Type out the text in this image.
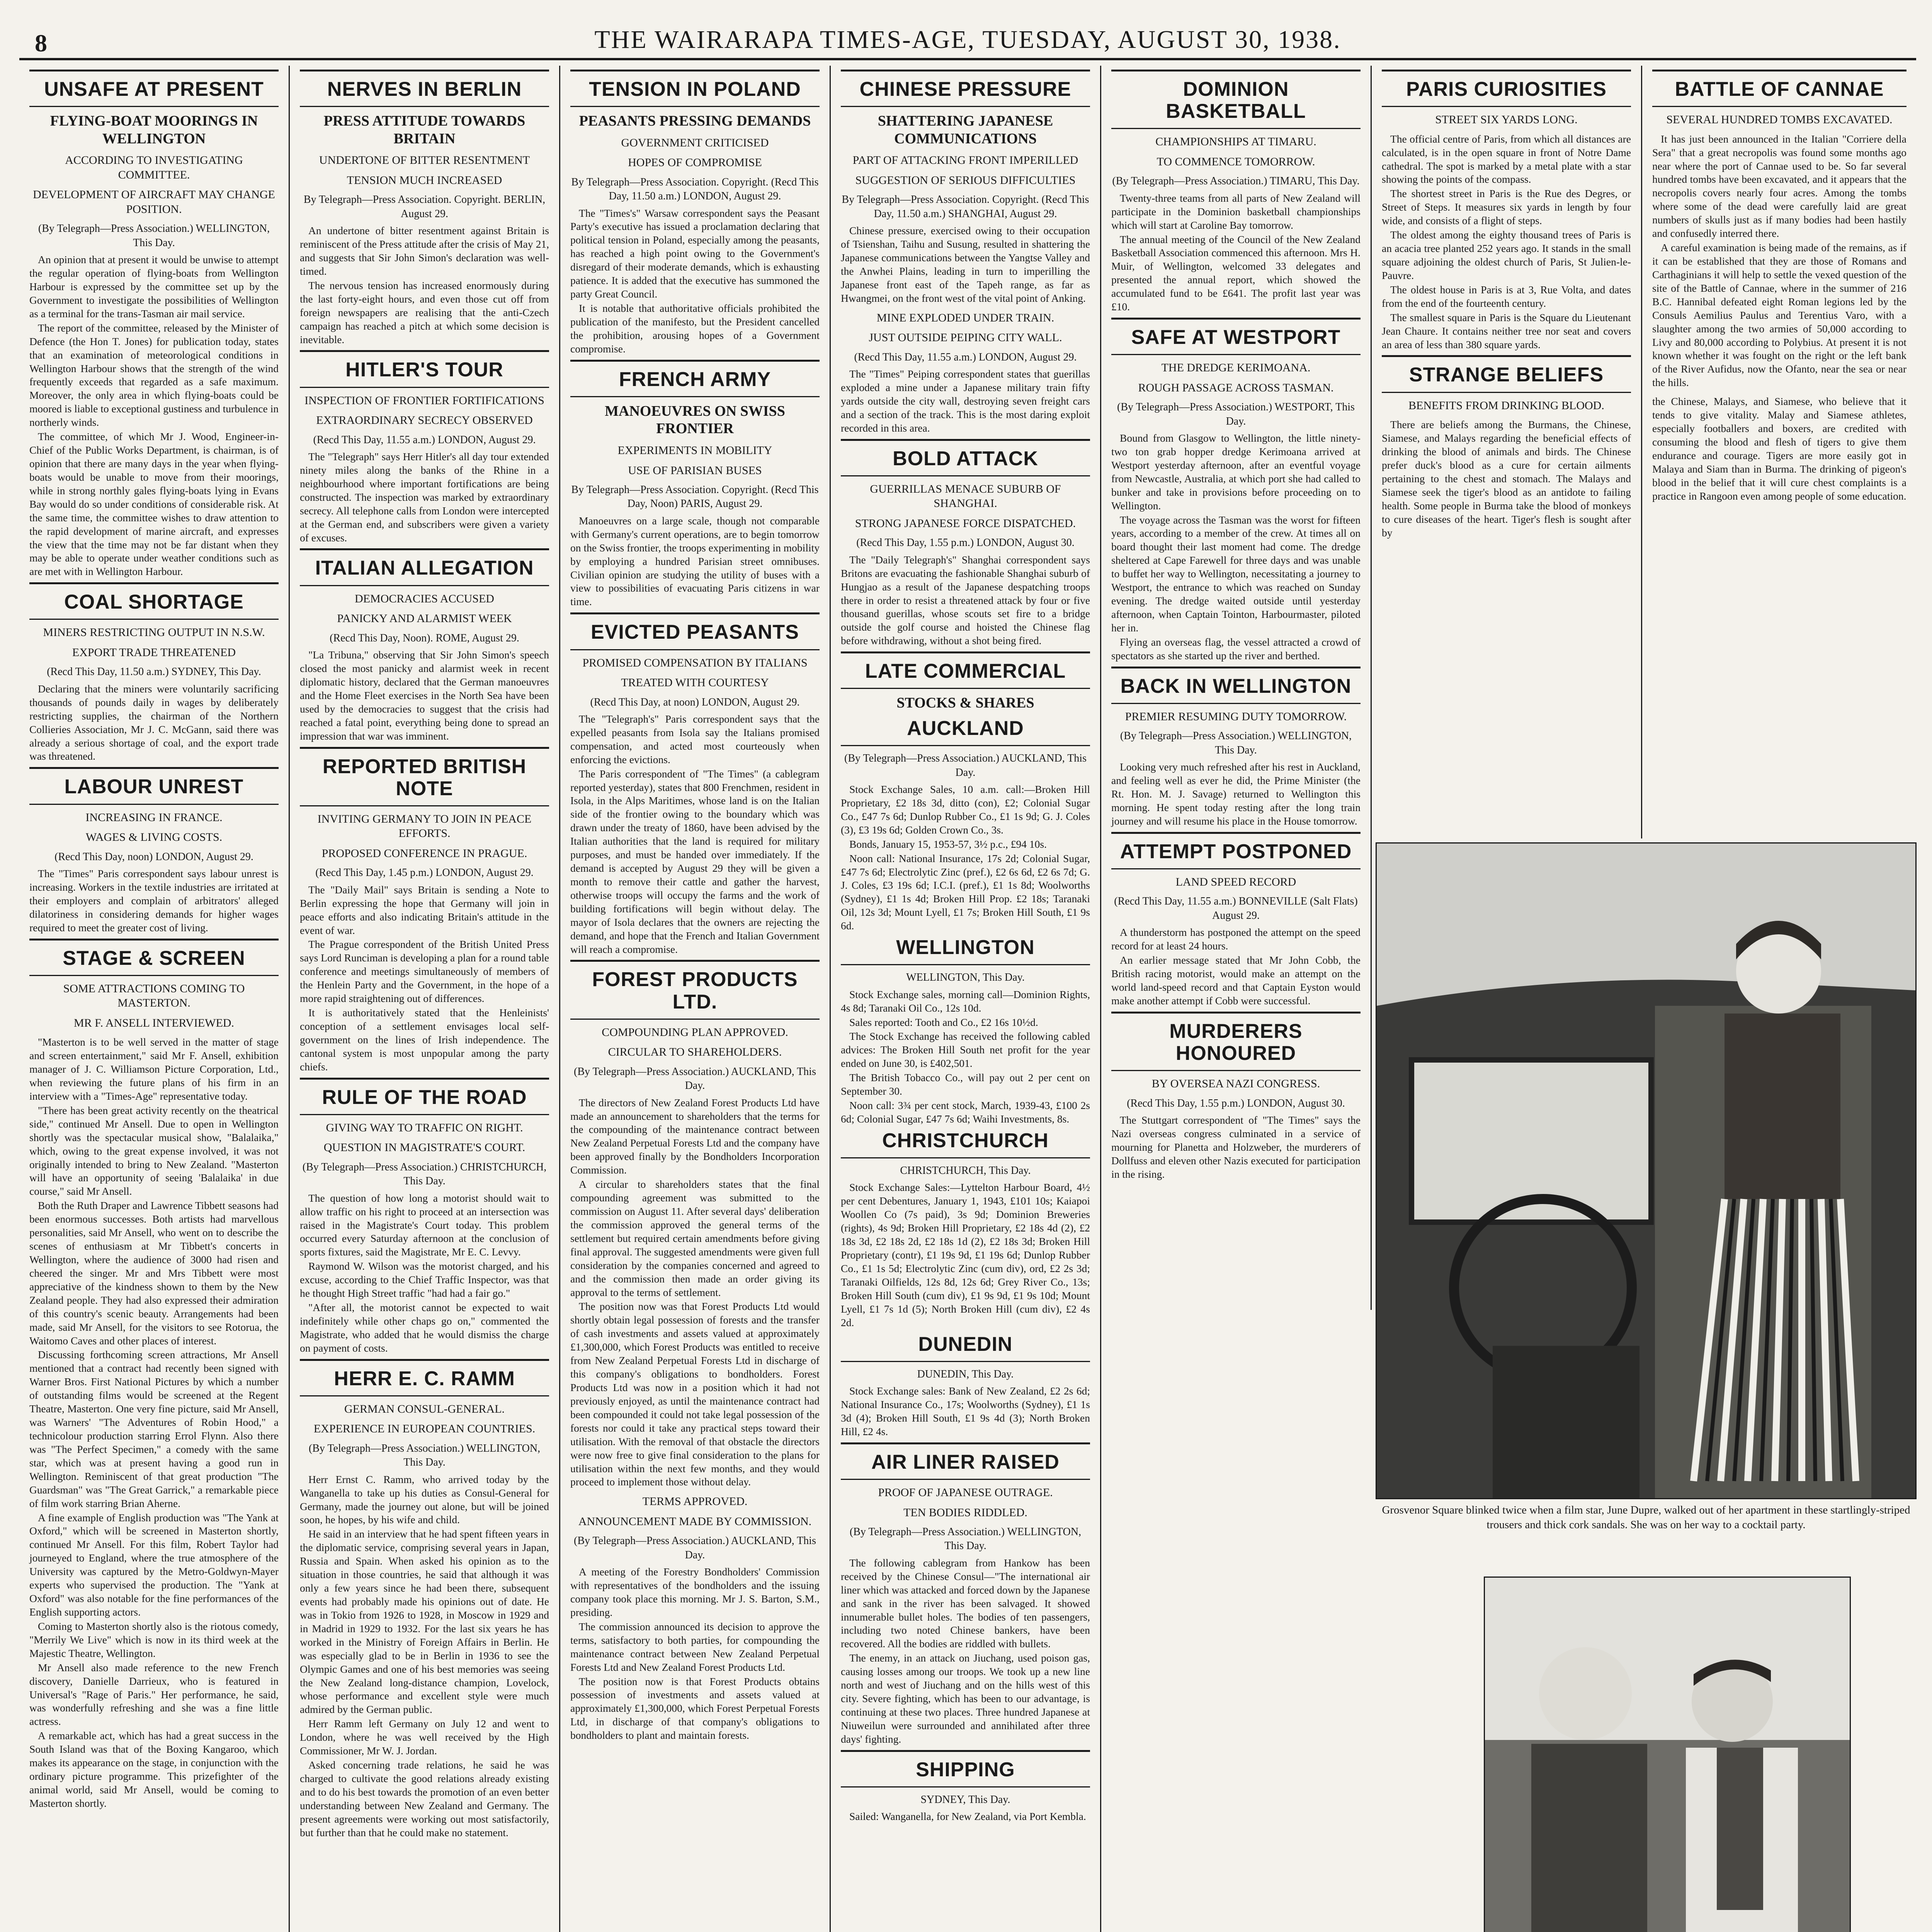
8	THE WAIRARAPA TIMES-AGE, TUESDAY, AUGUST 30, 1938.
UNSAFE AT PRESENT
FLYING-BOAT MOORINGS IN WELLINGTON
ACCORDING TO INVESTIGATING COMMITTEE.
DEVELOPMENT OF AIRCRAFT MAY CHANGE POSITION.
(By Telegraph—Press Association.) WELLINGTON, This Day.

An opinion that at present it would be unwise to attempt the regular operation of flying-boats from Wellington Harbour is expressed by the committee set up by the Government to investigate the possibilities of Wellington as a terminal for the trans-Tasman air mail service.

The report of the committee, released by the Minister of Defence (the Hon T. Jones) for publication today, states that an examination of meteorological conditions in Wellington Harbour shows that the strength of the wind frequently exceeds that regarded as a safe maximum. Moreover, the only area in which flying-boats could be moored is liable to exceptional gustiness and turbulence in northerly winds.

The committee, of which Mr J. Wood, Engineer-in-Chief of the Public Works Department, is chairman, is of opinion that there are many days in the year when flying-boats would be unable to move from their moorings, while in strong northly gales flying-boats lying in Evans Bay would do so under conditions of considerable risk. At the same time, the committee wishes to draw attention to the rapid development of marine aircraft, and expresses the view that the time may not be far distant when they may be able to operate under weather conditions such as are met with in Wellington Harbour.

COAL SHORTAGE
MINERS RESTRICTING OUTPUT IN N.S.W.
EXPORT TRADE THREATENED
(Recd This Day, 11.50 a.m.) SYDNEY, This Day.

Declaring that the miners were voluntarily sacrificing thousands of pounds daily in wages by deliberately restricting supplies, the chairman of the Northern Collieries Association, Mr J. C. McGann, said there was already a serious shortage of coal, and the export trade was threatened.

LABOUR UNREST
INCREASING IN FRANCE.
WAGES & LIVING COSTS.
(Recd This Day, noon) LONDON, August 29.

The "Times" Paris correspondent says labour unrest is increasing. Workers in the textile industries are irritated at their employers and complain of arbitrators' alleged dilatoriness in considering demands for higher wages required to meet the greater cost of living.

STAGE & SCREEN
SOME ATTRACTIONS COMING TO MASTERTON.
MR F. ANSELL INTERVIEWED.

"Masterton is to be well served in the matter of stage and screen entertainment," said Mr F. Ansell, exhibition manager of J. C. Williamson Picture Corporation, Ltd., when reviewing the future plans of his firm in an interview with a "Times-Age" representative today.

"There has been great activity recently on the theatrical side," continued Mr Ansell. Due to open in Wellington shortly was the spectacular musical show, "Balalaika," which, owing to the great expense involved, it was not originally intended to bring to New Zealand. "Masterton will have an opportunity of seeing 'Balalaika' in due course," said Mr Ansell.

Both the Ruth Draper and Lawrence Tibbett seasons had been enormous successes. Both artists had marvellous personalities, said Mr Ansell, who went on to describe the scenes of enthusiasm at Mr Tibbett's concerts in Wellington, where the audience of 3000 had risen and cheered the singer. Mr and Mrs Tibbett were most appreciative of the kindness shown to them by the New Zealand people. They had also expressed their admiration of this country's scenic beauty. Arrangements had been made, said Mr Ansell, for the visitors to see Rotorua, the Waitomo Caves and other places of interest.

Discussing forthcoming screen attractions, Mr Ansell mentioned that a contract had recently been signed with Warner Bros. First National Pictures by which a number of outstanding films would be screened at the Regent Theatre, Masterton. One very fine picture, said Mr Ansell, was Warners' "The Adventures of Robin Hood," a technicolour production starring Errol Flynn. Also there was "The Perfect Specimen," a comedy with the same star, which was at present having a good run in Wellington. Reminiscent of that great production "The Guardsman" was "The Great Garrick," a remarkable piece of film work starring Brian Aherne.

A fine example of English production was "The Yank at Oxford," which will be screened in Masterton shortly, continued Mr Ansell. For this film, Robert Taylor had journeyed to England, where the true atmosphere of the University was captured by the Metro-Goldwyn-Mayer experts who supervised the production. The "Yank at Oxford" was also notable for the fine performances of the English supporting actors.

Coming to Masterton shortly also is the riotous comedy, "Merrily We Live" which is now in its third week at the Majestic Theatre, Wellington.

Mr Ansell also made reference to the new French discovery, Danielle Darrieux, who is featured in Universal's "Rage of Paris." Her performance, he said, was wonderfully refreshing and she was a fine little actress.

A remarkable act, which has had a great success in the South Island was that of the Boxing Kangaroo, which makes its appearance on the stage, in conjunction with the ordinary picture programme. This prizefighter of the animal world, said Mr Ansell, would be coming to Masterton shortly.

NERVES IN BERLIN
PRESS ATTITUDE TOWARDS BRITAIN
UNDERTONE OF BITTER RESENTMENT
TENSION MUCH INCREASED
By Telegraph—Press Association. Copyright. BERLIN, August 29.

An undertone of bitter resentment against Britain is reminiscent of the Press attitude after the crisis of May 21, and suggests that Sir John Simon's declaration was well-timed.

The nervous tension has increased enormously during the last forty-eight hours, and even those cut off from foreign newspapers are realising that the anti-Czech campaign has reached a pitch at which some decision is inevitable.

HITLER'S TOUR
INSPECTION OF FRONTIER FORTIFICATIONS
EXTRAORDINARY SECRECY OBSERVED
(Recd This Day, 11.55 a.m.) LONDON, August 29.

The "Telegraph" says Herr Hitler's all day tour extended ninety miles along the banks of the Rhine in a neighbourhood where important fortifications are being constructed. The inspection was marked by extraordinary secrecy. All telephone calls from London were intercepted at the German end, and subscribers were given a variety of excuses.

ITALIAN ALLEGATION
DEMOCRACIES ACCUSED
PANICKY AND ALARMIST WEEK
(Recd This Day, Noon). ROME, August 29.

"La Tribuna," observing that Sir John Simon's speech closed the most panicky and alarmist week in recent diplomatic history, declared that the German manoeuvres and the Home Fleet exercises in the North Sea have been used by the democracies to suggest that the crisis had reached a fatal point, everything being done to spread an impression that war was imminent.

REPORTED BRITISH NOTE
INVITING GERMANY TO JOIN IN PEACE EFFORTS.
PROPOSED CONFERENCE IN PRAGUE.
(Recd This Day, 1.45 p.m.) LONDON, August 29.

The "Daily Mail" says Britain is sending a Note to Berlin expressing the hope that Germany will join in peace efforts and also indicating Britain's attitude in the event of war.

The Prague correspondent of the British United Press says Lord Runciman is developing a plan for a round table conference and meetings simultaneously of members of the Henlein Party and the Government, in the hope of a more rapid straightening out of differences.

It is authoritatively stated that the Henleinists' conception of a settlement envisages local self-government on the lines of Irish independence. The cantonal system is most unpopular among the party chiefs.

RULE OF THE ROAD
GIVING WAY TO TRAFFIC ON RIGHT.
QUESTION IN MAGISTRATE'S COURT.
(By Telegraph—Press Association.) CHRISTCHURCH, This Day.

The question of how long a motorist should wait to allow traffic on his right to proceed at an intersection was raised in the Magistrate's Court today. This problem occurred every Saturday afternoon at the conclusion of sports fixtures, said the Magistrate, Mr E. C. Levvy.

Raymond W. Wilson was the motorist charged, and his excuse, according to the Chief Traffic Inspector, was that he thought High Street traffic "had had a fair go."

"After all, the motorist cannot be expected to wait indefinitely while other chaps go on," commented the Magistrate, who added that he would dismiss the charge on payment of costs.

HERR E. C. RAMM
GERMAN CONSUL-GENERAL.
EXPERIENCE IN EUROPEAN COUNTRIES.
(By Telegraph—Press Association.) WELLINGTON, This Day.

Herr Ernst C. Ramm, who arrived today by the Wanganella to take up his duties as Consul-General for Germany, made the journey out alone, but will be joined soon, he hopes, by his wife and child.

He said in an interview that he had spent fifteen years in the diplomatic service, comprising several years in Japan, Russia and Spain. When asked his opinion as to the situation in those countries, he said that although it was only a few years since he had been there, subsequent events had probably made his opinions out of date. He was in Tokio from 1926 to 1928, in Moscow in 1929 and in Madrid in 1929 to 1932. For the last six years he has worked in the Ministry of Foreign Affairs in Berlin. He was especially glad to be in Berlin in 1936 to see the Olympic Games and one of his best memories was seeing the New Zealand long-distance champion, Lovelock, whose performance and excellent style were much admired by the German public.

Herr Ramm left Germany on July 12 and went to London, where he was well received by the High Commissioner, Mr W. J. Jordan.

Asked concerning trade relations, he said he was charged to cultivate the good relations already existing and to do his best towards the promotion of an even better understanding between New Zealand and Germany. The present agreements were working out most satisfactorily, but further than that he could make no statement.

TENSION IN POLAND
PEASANTS PRESSING DEMANDS
GOVERNMENT CRITICISED
HOPES OF COMPROMISE
By Telegraph—Press Association. Copyright. (Recd This Day, 11.50 a.m.) LONDON, August 29.

The "Times's" Warsaw correspondent says the Peasant Party's executive has issued a proclamation declaring that political tension in Poland, especially among the peasants, has reached a high point owing to the Government's disregard of their moderate demands, which is exhausting patience. It is added that the executive has summoned the party Great Council.

It is notable that authoritative officials prohibited the publication of the manifesto, but the President cancelled the prohibition, arousing hopes of a Government compromise.

FRENCH ARMY
MANOEUVRES ON SWISS FRONTIER
EXPERIMENTS IN MOBILITY
USE OF PARISIAN BUSES
By Telegraph—Press Association. Copyright. (Recd This Day, Noon) PARIS, August 29.

Manoeuvres on a large scale, though not comparable with Germany's current operations, are to begin tomorrow on the Swiss frontier, the troops experimenting in mobility by employing a hundred Parisian street omnibuses. Civilian opinion are studying the utility of buses with a view to possibilities of evacuating Paris citizens in war time.

EVICTED PEASANTS
PROMISED COMPENSATION BY ITALIANS
TREATED WITH COURTESY
(Recd This Day, at noon) LONDON, August 29.

The "Telegraph's" Paris correspondent says that the expelled peasants from Isola say the Italians promised compensation, and acted most courteously when enforcing the evictions.

The Paris correspondent of "The Times" (a cablegram reported yesterday), states that 800 Frenchmen, resident in Isola, in the Alps Maritimes, whose land is on the Italian side of the frontier owing to the boundary which was drawn under the treaty of 1860, have been advised by the Italian authorities that the land is required for military purposes, and must be handed over immediately. If the demand is accepted by August 29 they will be given a month to remove their cattle and gather the harvest, otherwise troops will occupy the farms and the work of building fortifications will begin without delay. The mayor of Isola declares that the owners are rejecting the demand, and hope that the French and Italian Government will reach a compromise.

FOREST PRODUCTS LTD.
COMPOUNDING PLAN APPROVED.
CIRCULAR TO SHAREHOLDERS.
(By Telegraph—Press Association.) AUCKLAND, This Day.

The directors of New Zealand Forest Products Ltd have made an announcement to shareholders that the terms for the compounding of the maintenance contract between New Zealand Perpetual Forests Ltd and the company have been approved finally by the Bondholders Incorporation Commission.

A circular to shareholders states that the final compounding agreement was submitted to the commission on August 11. After several days' deliberation the commission approved the general terms of the settlement but required certain amendments before giving final approval. The suggested amendments were given full consideration by the companies concerned and agreed to and the commission then made an order giving its approval to the terms of settlement.

The position now was that Forest Products Ltd would shortly obtain legal possession of forests and the transfer of cash investments and assets valued at approximately £1,300,000, which Forest Products was entitled to receive from New Zealand Perpetual Forests Ltd in discharge of this company's obligations to bondholders. Forest Products Ltd was now in a position which it had not previously enjoyed, as until the maintenance contract had been compounded it could not take legal possession of the forests nor could it take any practical steps toward their utilisation. With the removal of that obstacle the directors were now free to give final consideration to the plans for utilisation within the next few months, and they would proceed to implement those without delay.

TERMS APPROVED.
ANNOUNCEMENT MADE BY COMMISSION.
(By Telegraph—Press Association.) AUCKLAND, This Day.

A meeting of the Forestry Bondholders' Commission with representatives of the bondholders and the issuing company took place this morning. Mr J. S. Barton, S.M., presiding.

The commission announced its decision to approve the terms, satisfactory to both parties, for compounding the maintenance contract between New Zealand Perpetual Forests Ltd and New Zealand Forest Products Ltd.

The position now is that Forest Products obtains possession of investments and assets valued at approximately £1,300,000, which Forest Perpetual Forests Ltd, in discharge of that company's obligations to bondholders to plant and maintain forests.

CHINESE PRESSURE
SHATTERING JAPANESE COMMUNICATIONS
PART OF ATTACKING FRONT IMPERILLED
SUGGESTION OF SERIOUS DIFFICULTIES
By Telegraph—Press Association. Copyright. (Recd This Day, 11.50 a.m.) SHANGHAI, August 29.

Chinese pressure, exercised owing to their occupation of Tsienshan, Taihu and Susung, resulted in shattering the Japanese communications between the Yangtse Valley and the Anwhei Plains, leading in turn to imperilling the Japanese front east of the Tapeh range, as far as Hwangmei, on the front west of the vital point of Anking.

MINE EXPLODED UNDER TRAIN.
JUST OUTSIDE PEIPING CITY WALL.
(Recd This Day, 11.55 a.m.) LONDON, August 29.

The "Times" Peiping correspondent states that guerillas exploded a mine under a Japanese military train fifty yards outside the city wall, destroying seven freight cars and a section of the track. This is the most daring exploit recorded in this area.

BOLD ATTACK
GUERRILLAS MENACE SUBURB OF SHANGHAI.
STRONG JAPANESE FORCE DISPATCHED.
(Recd This Day, 1.55 p.m.) LONDON, August 30.

The "Daily Telegraph's" Shanghai correspondent says Britons are evacuating the fashionable Shanghai suburb of Hungjao as a result of the Japanese despatching troops there in order to resist a threatened attack by four or five thousand guerillas, whose scouts set fire to a bridge outside the golf course and hoisted the Chinese flag before withdrawing, without a shot being fired.

LATE COMMERCIAL
STOCKS & SHARES
AUCKLAND
(By Telegraph—Press Association.) AUCKLAND, This Day.

Stock Exchange Sales, 10 a.m. call:—Broken Hill Proprietary, £2 18s 3d, ditto (con), £2; Colonial Sugar Co., £47 7s 6d; Dunlop Rubber Co., £1 1s 9d; G. J. Coles (3), £3 19s 6d; Golden Crown Co., 3s.

Bonds, January 15, 1953-57, 3½ p.c., £94 10s.

Noon call: National Insurance, 17s 2d; Colonial Sugar, £47 7s 6d; Electrolytic Zinc (pref.), £2 6s 6d, £2 6s 7d; G. J. Coles, £3 19s 6d; I.C.I. (pref.), £1 1s 8d; Woolworths (Sydney), £1 1s 4d; Broken Hill Prop. £2 18s; Taranaki Oil, 12s 3d; Mount Lyell, £1 7s; Broken Hill South, £1 9s 6d.

WELLINGTON
WELLINGTON, This Day.

Stock Exchange sales, morning call—Dominion Rights, 4s 8d; Taranaki Oil Co., 12s 10d.

Sales reported: Tooth and Co., £2 16s 10½d.

The Stock Exchange has received the following cabled advices: The Broken Hill South net profit for the year ended on June 30, is £402,501.

The British Tobacco Co., will pay out 2 per cent on September 30.

Noon call: 3¾ per cent stock, March, 1939-43, £100 2s 6d; Colonial Sugar, £47 7s 6d; Waihi Investments, 8s.

CHRISTCHURCH
CHRISTCHURCH, This Day.

Stock Exchange Sales:—Lyttelton Harbour Board, 4½ per cent Debentures, January 1, 1943, £101 10s; Kaiapoi Woollen Co (7s paid), 3s 9d; Dominion Breweries (rights), 4s 9d; Broken Hill Proprietary, £2 18s 4d (2), £2 18s 3d, £2 18s 2d, £2 18s 1d (2), £2 18s 3d; Broken Hill Proprietary (contr), £1 19s 9d, £1 19s 6d; Dunlop Rubber Co., £1 1s 5d; Electrolytic Zinc (cum div), ord, £2 2s 3d; Taranaki Oilfields, 12s 8d, 12s 6d; Grey River Co., 13s; Broken Hill South (cum div), £1 9s 9d, £1 9s 10d; Mount Lyell, £1 7s 1d (5); North Broken Hill (cum div), £2 4s 2d.

DUNEDIN
DUNEDIN, This Day.

Stock Exchange sales: Bank of New Zealand, £2 2s 6d; National Insurance Co., 17s; Woolworths (Sydney), £1 1s 3d (4); Broken Hill South, £1 9s 4d (3); North Broken Hill, £2 4s.

AIR LINER RAISED
PROOF OF JAPANESE OUTRAGE.
TEN BODIES RIDDLED.
(By Telegraph—Press Association.) WELLINGTON, This Day.

The following cablegram from Hankow has been received by the Chinese Consul—"The international air liner which was attacked and forced down by the Japanese and sank in the river has been salvaged. It showed innumerable bullet holes. The bodies of ten passengers, including two noted Chinese bankers, have been recovered. All the bodies are riddled with bullets.

The enemy, in an attack on Jiuchang, used poison gas, causing losses among our troops. We took up a new line north and west of Jiuchang and on the hills west of this city. Severe fighting, which has been to our advantage, is continuing at these two places. Three hundred Japanese at Niuweilun were surrounded and annihilated after three days' fighting.

SHIPPING
SYDNEY, This Day.

Sailed: Wanganella, for New Zealand, via Port Kembla.

DOMINION BASKETBALL
CHAMPIONSHIPS AT TIMARU.
TO COMMENCE TOMORROW.
(By Telegraph—Press Association.) TIMARU, This Day.

Twenty-three teams from all parts of New Zealand will participate in the Dominion basketball championships which will start at Caroline Bay tomorrow.

The annual meeting of the Council of the New Zealand Basketball Association commenced this afternoon. Mrs H. Muir, of Wellington, welcomed 33 delegates and presented the annual report, which showed the accumulated fund to be £641. The profit last year was £10.

SAFE AT WESTPORT
THE DREDGE KERIMOANA.
ROUGH PASSAGE ACROSS TASMAN.
(By Telegraph—Press Association.) WESTPORT, This Day.

Bound from Glasgow to Wellington, the little ninety-two ton grab hopper dredge Kerimoana arrived at Westport yesterday afternoon, after an eventful voyage from Newcastle, Australia, at which port she had called to bunker and take in provisions before proceeding on to Wellington.

The voyage across the Tasman was the worst for fifteen years, according to a member of the crew. At times all on board thought their last moment had come. The dredge sheltered at Cape Farewell for three days and was unable to buffet her way to Wellington, necessitating a journey to Westport, the entrance to which was reached on Sunday evening. The dredge waited outside until yesterday afternoon, when Captain Tointon, Harbourmaster, piloted her in.

Flying an overseas flag, the vessel attracted a crowd of spectators as she started up the river and berthed.

BACK IN WELLINGTON
PREMIER RESUMING DUTY TOMORROW.
(By Telegraph—Press Association.) WELLINGTON, This Day.

Looking very much refreshed after his rest in Auckland, and feeling well as ever he did, the Prime Minister (the Rt. Hon. M. J. Savage) returned to Wellington this morning. He spent today resting after the long train journey and will resume his place in the House tomorrow.

ATTEMPT POSTPONED
LAND SPEED RECORD
(Recd This Day, 11.55 a.m.) BONNEVILLE (Salt Flats) August 29.

A thunderstorm has postponed the attempt on the speed record for at least 24 hours.

An earlier message stated that Mr John Cobb, the British racing motorist, would make an attempt on the world land-speed record and that Captain Eyston would make another attempt if Cobb were successful.

MURDERERS HONOURED
BY OVERSEA NAZI CONGRESS.
(Recd This Day, 1.55 p.m.) LONDON, August 30.

The Stuttgart correspondent of "The Times" says the Nazi overseas congress culminated in a service of mourning for Planetta and Holzweber, the murderers of Dollfuss and eleven other Nazis executed for participation in the rising.

PARIS CURIOSITIES
STREET SIX YARDS LONG.

The official centre of Paris, from which all distances are calculated, is in the open square in front of Notre Dame cathedral. The spot is marked by a metal plate with a star showing the points of the compass.

The shortest street in Paris is the Rue des Degres, or Street of Steps. It measures six yards in length by four wide, and consists of a flight of steps.

The oldest among the eighty thousand trees of Paris is an acacia tree planted 252 years ago. It stands in the small square adjoining the oldest church of Paris, St Julien-le-Pauvre.

The oldest house in Paris is at 3, Rue Volta, and dates from the end of the fourteenth century.

The smallest square in Paris is the Square du Lieutenant Jean Chaure. It contains neither tree nor seat and covers an area of less than 380 square yards.

STRANGE BELIEFS
BENEFITS FROM DRINKING BLOOD.

There are beliefs among the Burmans, the Chinese, Siamese, and Malays regarding the beneficial effects of drinking the blood of animals and birds. The Chinese prefer duck's blood as a cure for certain ailments pertaining to the chest and stomach. The Malays and Siamese seek the tiger's blood as an antidote to failing health. Some people in Burma take the blood of monkeys to cure diseases of the heart. Tiger's flesh is sought after by

BATTLE OF CANNAE
SEVERAL HUNDRED TOMBS EXCAVATED.

It has just been announced in the Italian "Corriere della Sera" that a great necropolis was found some months ago near where the port of Cannae used to be. So far several hundred tombs have been excavated, and it appears that the necropolis covers nearly four acres. Among the tombs where some of the dead were carefully laid are great numbers of skulls just as if many bodies had been hastily and confusedly interred there.

A careful examination is being made of the remains, as if it can be established that they are those of Romans and Carthaginians it will help to settle the vexed question of the site of the Battle of Cannae, where in the summer of 216 B.C. Hannibal defeated eight Roman legions led by the Consuls Aemilius Paulus and Terentius Varo, with a slaughter among the two armies of 50,000 according to Livy and 80,000 according to Polybius. At present it is not known whether it was fought on the right or the left bank of the River Aufidus, now the Ofanto, near the sea or near the hills.

the Chinese, Malays, and Siamese, who believe that it tends to give vitality. Malay and Siamese athletes, especially footballers and boxers, are credited with consuming the blood and flesh of tigers to give them endurance and courage. Tigers are more easily got in Malaya and Siam than in Burma. The drinking of pigeon's blood in the belief that it will cure chest complaints is a practice in Rangoon even among people of some education.

Grosvenor Square blinked twice when a film star, June Dupre, walked out of her apartment in these startlingly-striped trousers and thick cork sandals. She was on her way to a cocktail party.
